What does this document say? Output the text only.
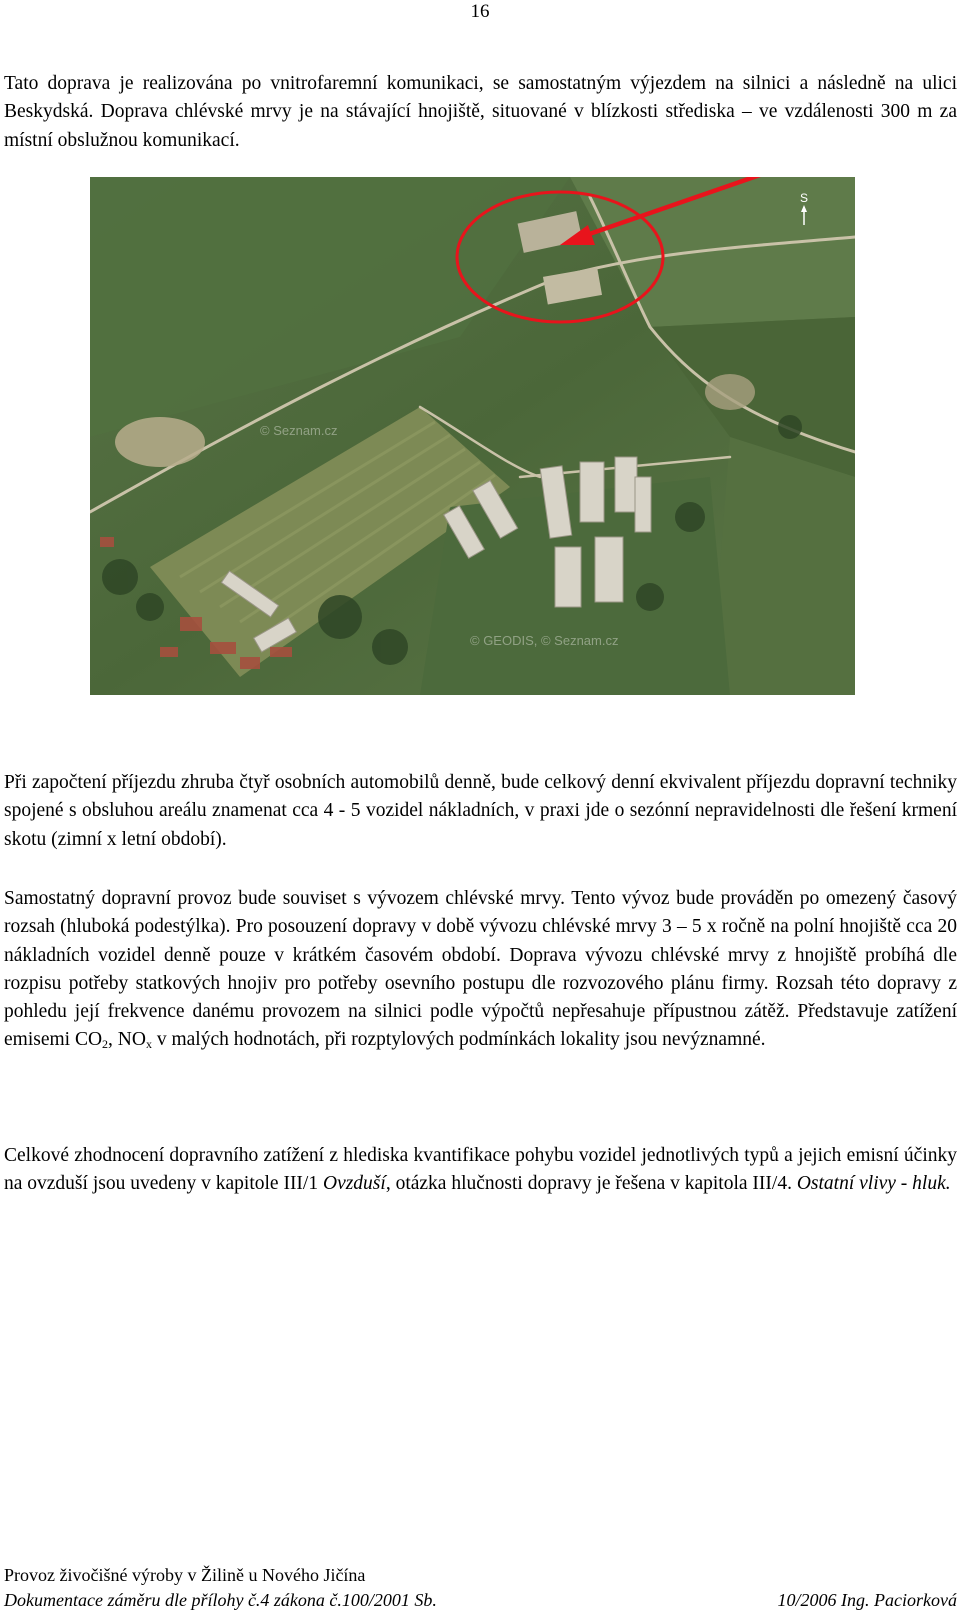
16

Tato doprava je realizována po vnitrofaremní komunikaci, se samostatným výjezdem na silnici a následně na ulici Beskydská. Doprava chlévské mrvy je na stávající hnojiště, situované v blízkosti střediska – ve vzdálenosti 300 m za místní obslužnou komunikací.

© Seznam.cz
© GEODIS, © Seznam.cz
S

Při započtení příjezdu zhruba čtyř osobních automobilů denně, bude celkový denní ekvivalent příjezdu dopravní techniky spojené s obsluhou areálu znamenat cca 4 - 5 vozidel nákladních, v praxi jde o sezónní nepravidelnosti dle řešení krmení skotu (zimní x letní období).

Samostatný dopravní provoz bude souviset s vývozem chlévské mrvy. Tento vývoz bude prováděn po omezený časový rozsah (hluboká podestýlka). Pro posouzení dopravy v době vývozu chlévské mrvy 3 – 5 x ročně na polní hnojiště cca 20 nákladních vozidel denně pouze v krátkém časovém období. Doprava vývozu chlévské mrvy z hnojiště probíhá dle rozpisu potřeby statkových hnojiv pro potřeby osevního postupu dle rozvozového plánu firmy. Rozsah této dopravy z pohledu její frekvence danému provozem na silnici podle výpočtů nepřesahuje přípustnou zátěž. Představuje zatížení emisemi $CO_2$, $NO_x$ v malých hodnotách, při rozptylových podmínkách lokality jsou nevýznamné.

Celkové zhodnocení dopravního zatížení z hlediska kvantifikace pohybu vozidel jednotlivých typů a jejich emisní účinky na ovzduší jsou uvedeny v kapitole III/1 Ovzduší, otázka hlučnosti dopravy je řešena v kapitola III/4. Ostatní vlivy - hluk.

Provoz živočišné výroby v Žilině u Nového Jičína
Dokumentace záměru dle přílohy č.4 zákona č.100/2001 Sb.	10/2006 Ing. Paciorková
